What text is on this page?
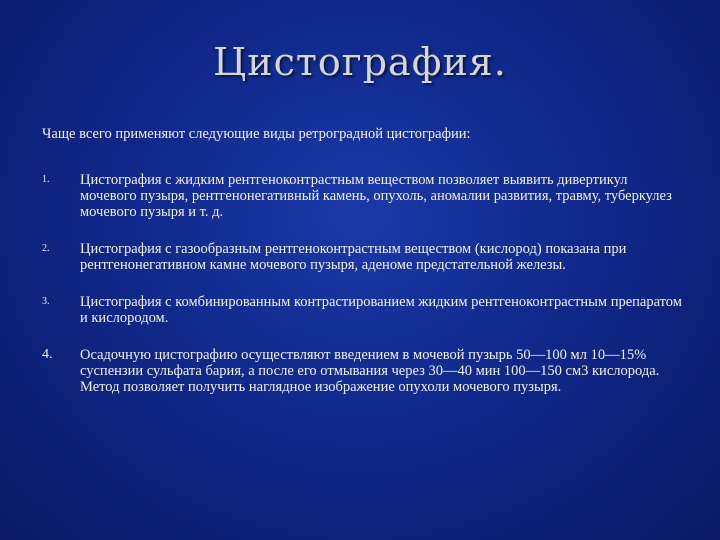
Цистография.
Чаще всего применяют следующие виды ретроградной цистографии:
1.	Цистография с жидким рентгеноконтрастным веществом позволяет выявить дивертикул мочевого пузыря, рентгенонегативный камень, опухоль, аномалии развития, травму, туберкулез мочевого пузыря и т. д.
2.	Цистография с газообразным рентгеноконтрастным веществом (кислород) показана при рентгенонегативном камне мочевого пузыря, аденоме предстательной железы.
3.	Цистография с комбинированным контрастированием жидким рентгеноконтрастным препаратом и кислородом.
4.	Осадочную цистографию осуществляют введением в мочевой пузырь 50—100 мл 10—15% суспензии сульфата бария, а после его отмывания через 30—40 мин 100—150 см3 кислорода. Метод позволяет получить наглядное изображение опухоли мочевого пузыря.
